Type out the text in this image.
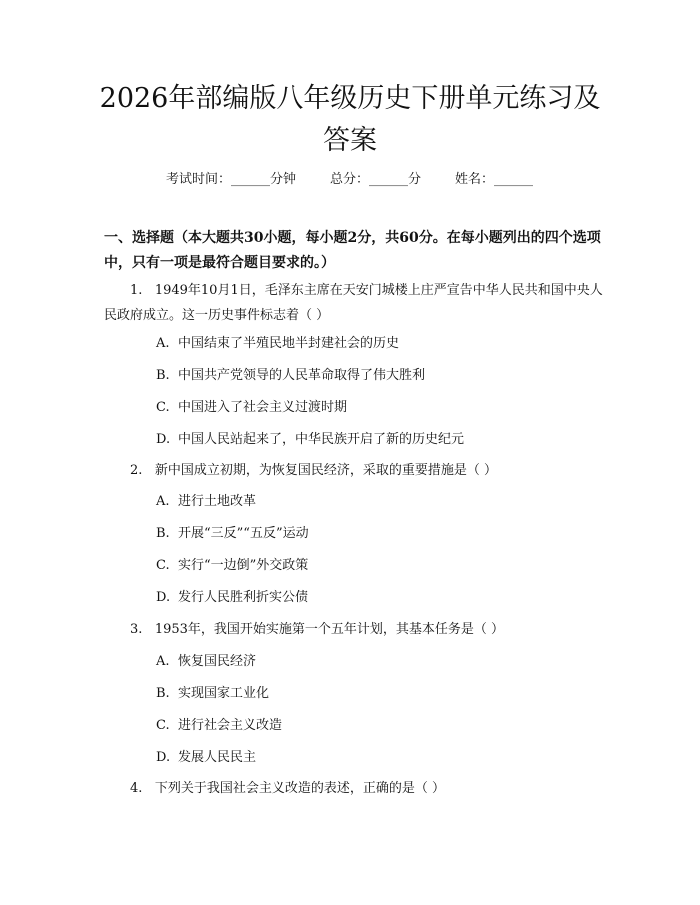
2026年部编版八年级历史下册单元练习及答案
考试时间：______分钟	总分：______分	姓名：______

一、选择题（本大题共30小题，每小题2分，共60分。在每小题列出的四个选项中，只有一项是最符合题目要求的。）

1. 1949年10月1日，毛泽东主席在天安门城楼上庄严宣告中华人民共和国中央人民政府成立。这一历史事件标志着（ ）
A. 中国结束了半殖民地半封建社会的历史
B. 中国共产党领导的人民革命取得了伟大胜利
C. 中国进入了社会主义过渡时期
D. 中国人民站起来了，中华民族开启了新的历史纪元
2. 新中国成立初期，为恢复国民经济，采取的重要措施是（ ）
A. 进行土地改革
B. 开展“三反”“五反”运动
C. 实行“一边倒”外交政策
D. 发行人民胜利折实公债
3. 1953年，我国开始实施第一个五年计划，其基本任务是（ ）
A. 恢复国民经济
B. 实现国家工业化
C. 进行社会主义改造
D. 发展人民民主
4. 下列关于我国社会主义改造的表述，正确的是（ ）
